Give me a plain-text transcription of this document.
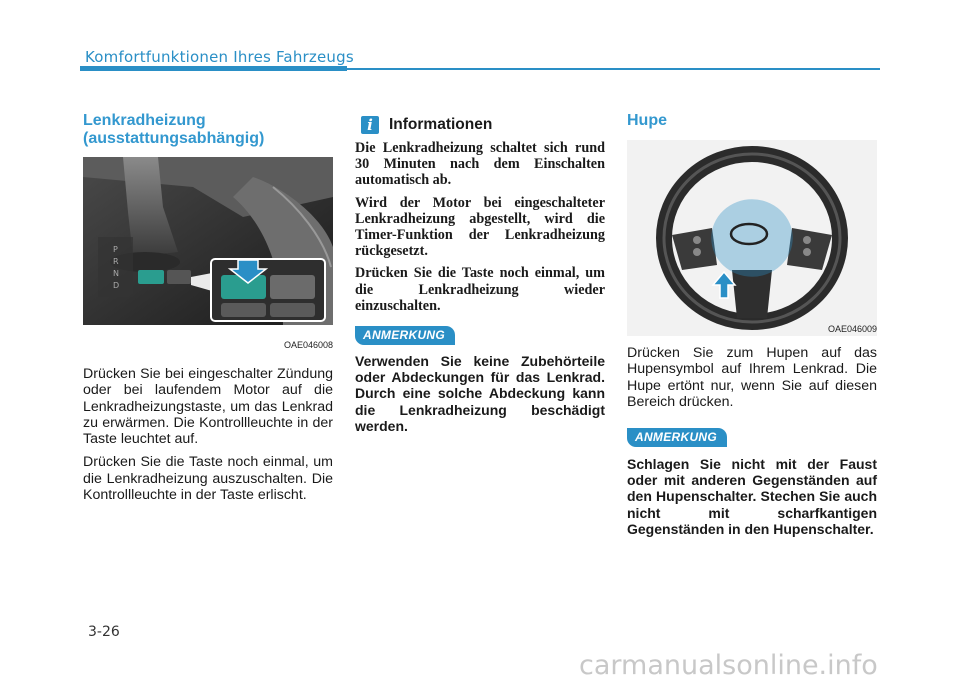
Komfortfunktionen Ihres Fahrzeugs
Lenkradheizung
(ausstattungsabhängig)
P
R
N
D
OAE046008

Drücken Sie bei eingeschalter Zündung oder bei laufendem Motor auf die Lenkradheizungstaste, um das Lenkrad zu erwärmen. Die Kontrollleuchte in der Taste leuchtet auf.

Drücken Sie die Taste noch einmal, um die Lenkradheizung auszuschalten. Die Kontrollleuchte in der Taste erlischt.

i	Informationen

Die Lenkradheizung schaltet sich rund 30 Minuten nach dem Einschalten automatisch ab.

Wird der Motor bei eingeschalteter Lenkradheizung abgestellt, wird die Timer-Funktion der Lenkradheizung rückgesetzt.

Drücken Sie die Taste noch einmal, um die Lenkradheizung wieder einzuschalten.

ANMERKUNG

Verwenden Sie keine Zubehörteile oder Abdeckungen für das Lenkrad. Durch eine solche Abdeckung kann die Lenkradheizung beschädigt werden.

Hupe
OAE046009

Drücken Sie zum Hupen auf das Hupensymbol auf Ihrem Lenkrad. Die Hupe ertönt nur, wenn Sie auf diesen Bereich drücken.

ANMERKUNG

Schlagen Sie nicht mit der Faust oder mit anderen Gegenständen auf den Hupenschalter. Stechen Sie auch nicht mit scharfkantigen Gegenständen in den Hupenschalter.

3-26
carmanualsonline.info
